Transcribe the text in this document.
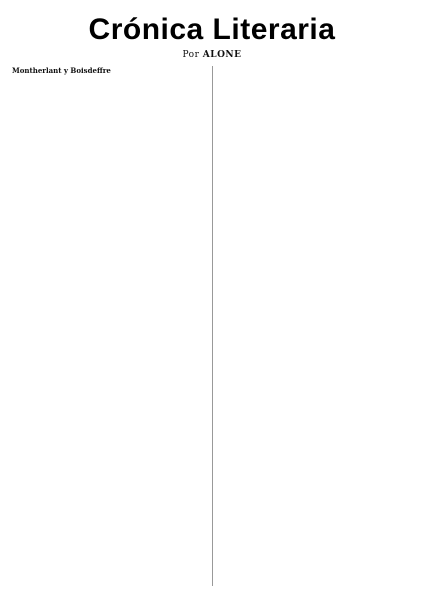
Crónica Literaria
Por ALONE

Montherlant y Boisdeffre
